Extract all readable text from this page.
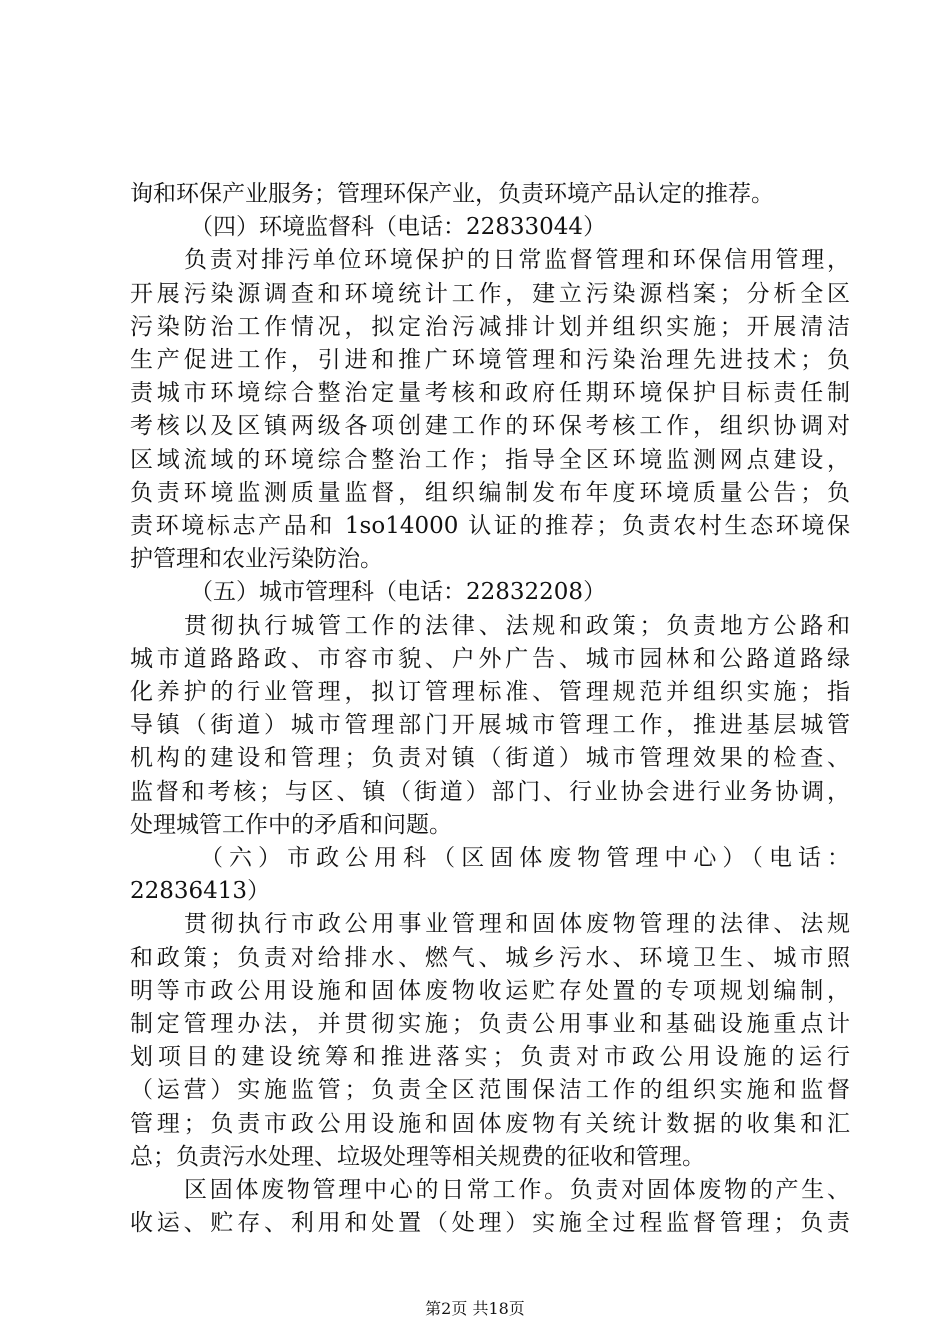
询和环保产业服务；管理环保产业，负责环境产品认定的推荐。
（四）环境监督科（电话：22833044）
负责对排污单位环境保护的日常监督管理和环保信用管理，
开展污染源调查和环境统计工作，建立污染源档案；分析全区
污染防治工作情况，拟定治污减排计划并组织实施；开展清洁
生产促进工作，引进和推广环境管理和污染治理先进技术；负
责城市环境综合整治定量考核和政府任期环境保护目标责任制
考核以及区镇两级各项创建工作的环保考核工作，组织协调对
区域流域的环境综合整治工作；指导全区环境监测网点建设，
负责环境监测质量监督，组织编制发布年度环境质量公告；负
责环境标志产品和 1so14000 认证的推荐；负责农村生态环境保
护管理和农业污染防治。
（五）城市管理科（电话：22832208）
贯彻执行城管工作的法律、法规和政策；负责地方公路和
城市道路路政、市容市貌、户外广告、城市园林和公路道路绿
化养护的行业管理，拟订管理标准、管理规范并组织实施；指
导镇（街道）城市管理部门开展城市管理工作，推进基层城管
机构的建设和管理；负责对镇（街道）城市管理效果的检查、
监督和考核；与区、镇（街道）部门、行业协会进行业务协调，
处理城管工作中的矛盾和问题。
（六）市政公用科（区固体废物管理中心）（电话：
22836413）
贯彻执行市政公用事业管理和固体废物管理的法律、法规
和政策；负责对给排水、燃气、城乡污水、环境卫生、城市照
明等市政公用设施和固体废物收运贮存处置的专项规划编制，
制定管理办法，并贯彻实施；负责公用事业和基础设施重点计
划项目的建设统筹和推进落实；负责对市政公用设施的运行
（运营）实施监管；负责全区范围保洁工作的组织实施和监督
管理；负责市政公用设施和固体废物有关统计数据的收集和汇
总；负责污水处理、垃圾处理等相关规费的征收和管理。
区固体废物管理中心的日常工作。负责对固体废物的产生、
收运、贮存、利用和处置（处理）实施全过程监督管理；负责
第2页 共18页
